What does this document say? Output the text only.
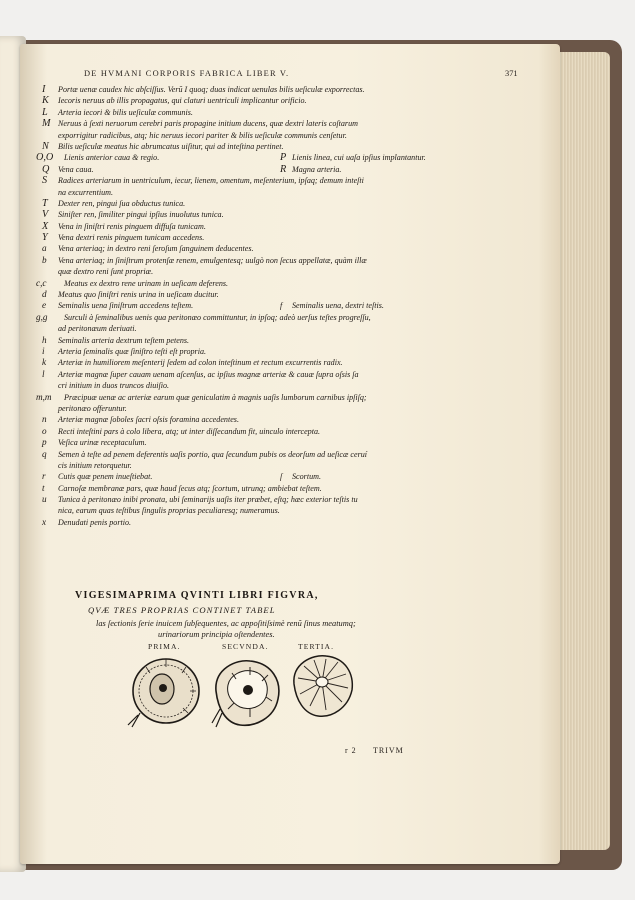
DE HVMANI CORPORIS FABRICA LIBER V.	371
I Portæ uenæ caudex hic abſciſſus. Verũ I quoq; duas indicat uenulas bilis ueſiculæ exporrectas.
K Iecoris neruus ab illis propagatus, qui claturi uentriculi implicantur orificio.
L Arteria iecori & bilis ueſiculæ communis.
M Neruus à ſexti neruorum cerebri paris propagine initium ducens, quæ dextri lateris coſtarum
exporrigitur radicibus, atq; hic neruus iecori pariter & bilis ueſiculæ communis cenſetur.
N Bilis ueſiculæ meatus hic abrumcatus uiſitur, qui ad inteſtina pertinet.
O,O Lienis anterior caua & regio.	P Lienis linea, cui uaſa ipſius implantantur.
Q Vena caua.	R Magna arteria.
S Radices arteriarum in uentriculum, iecur, lienem, omentum, meſenterium, ipſaq; demum inteſti
na excurrentium.
T Dexter ren, pingui ſua obductus tunica.
V Siniſter ren, ſimiliter pingui ipſius inuolutus tunica.
X Vena in ſiniſtri renis pinguem diffuſa tunicam.
Y Vena dextri renis pinguem tunicam accedens.
a Vena arteriaq; in dextro reni ſeroſum ſanguinem deducentes.
b Vena arteriaq; in ſiniſtrum protenſæ renem, emulgentesq; uulgò non ſecus appellatæ, quàm illæ
quæ dextro reni ſunt propriæ.
c,c Meatus ex dextro rene urinam in ueſicam deferens.
d Meatus quo ſiniſtri renis urina in ueſicam ducitur.
e Seminalis uena ſiniſtrum accedens teſtem.	f Seminalis uena, dextri teſtis.
g,g Surculi à ſeminalibus uenis qua peritonæo committuntur, in ipſoq; adeò uerſus teſtes progreſſu,
ad peritonæum deriuati.
h Seminalis arteria dextrum teſtem petens.
i Arteria ſeminalis quæ ſiniſtro teſti eſt propria.
k Arteriæ in humiliorem meſenterij ſedem ad colon inteſtinum et rectum excurrentis radix.
l Arteriæ magnæ ſuper cauam uenam aſcenſus, ac ipſius magnæ arteriæ & cauæ ſupra oſsis ſa
cri initium in duos truncos diuiſio.
m,m Præcipuæ uenæ ac arteriæ earum quæ geniculatim à magnis uaſis lumborum carnibus ipſiſq;
peritonæo offeruntur.
n Arteriæ magnæ ſoboles ſacri oſsis foramina accedentes.
o Recti inteſtini pars à colo libera, atq; ut inter diſſecandum fit, uinculo intercepta.
p Veſica urinæ receptaculum.
q Semen à teſte ad penem deferentis uaſis portio, qua ſecundum pubis os deorſum ad ueſicæ ceruí
cis initium retorquetur.
r Cutis quæ penem inueſtiebat.	ſ Scortum.
t Carnoſæ membranæ pars, quæ haud ſecus atq; ſcortum, utrunq; ambiebat teſtem.
u Tunica à peritonæo inibi pronata, ubi ſeminarijs uaſis iter præbet, eſtq; hæc exterior teſtis tu
nica, earum quas teſtibus ſingulis proprias peculiaresq; numeramus.
x Denudati penis portio.
VIGESIMAPRIMA QVINTI LIBRI FIGVRA,
QVÆ TRES PROPRIAS CONTINET TABEL
las ſectionis ſerie inuicem ſubſequentes, ac appoſitiſsimè renũ ſinus meatumq;
urinariorum principia oſtendentes.
PRIMA.	SECVNDA.	TERTIA.
r 2 TRIVM
